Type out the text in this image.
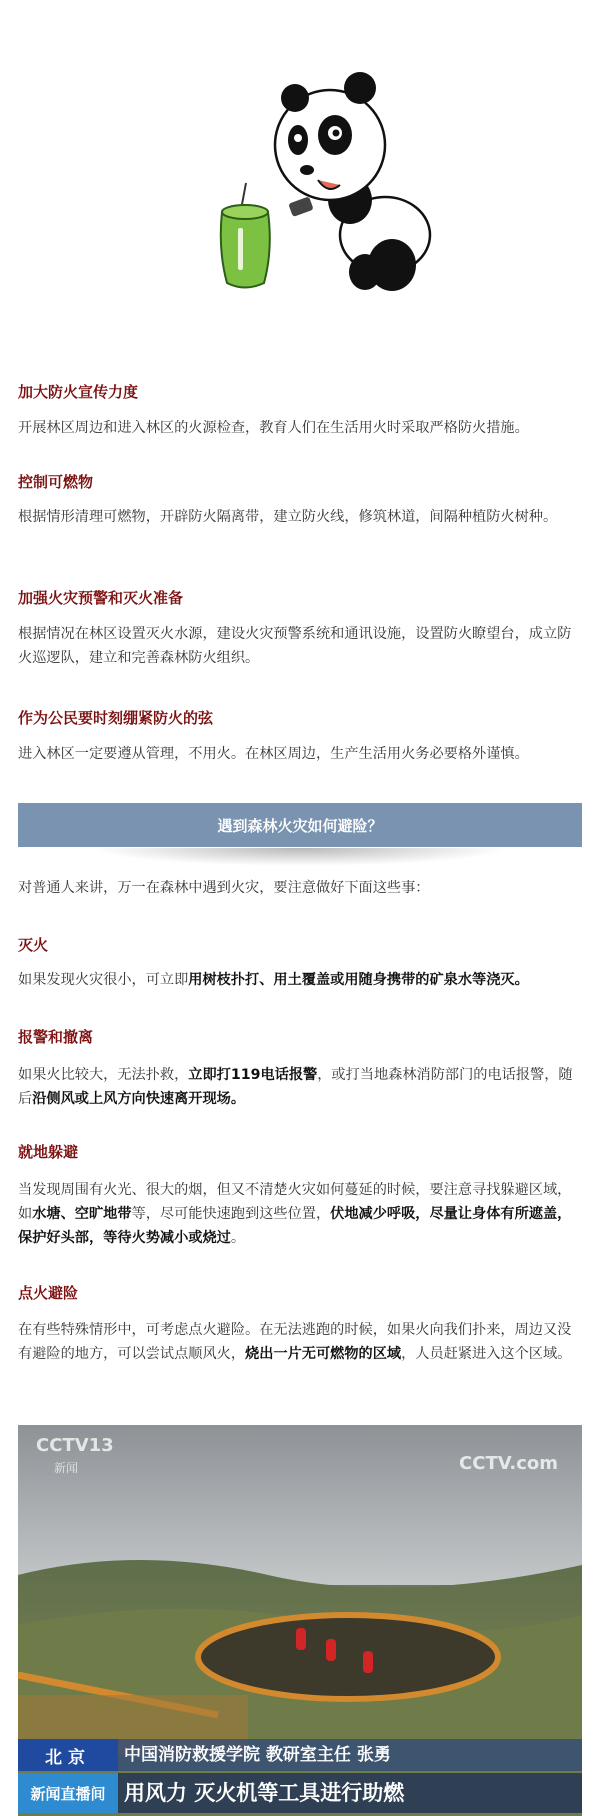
加大防火宣传力度
开展林区周边和进入林区的火源检查，教育人们在生活用火时采取严格防火措施。
控制可燃物
根据情形清理可燃物，开辟防火隔离带，建立防火线，修筑林道，间隔种植防火树种。
加强火灾预警和灭火准备
根据情况在林区设置灭火水源，建设火灾预警系统和通讯设施，设置防火瞭望台，成立防火巡逻队，建立和完善森林防火组织。
作为公民要时刻绷紧防火的弦
进入林区一定要遵从管理，不用火。在林区周边，生产生活用火务必要格外谨慎。
遇到森林火灾如何避险？
对普通人来讲，万一在森林中遇到火灾，要注意做好下面这些事：
灭火
如果发现火灾很小，可立即用树枝扑打、用土覆盖或用随身携带的矿泉水等浇灭。
报警和撤离
如果火比较大，无法扑救，立即打119电话报警，或打当地森林消防部门的电话报警，随后沿侧风或上风方向快速离开现场。
就地躲避
当发现周围有火光、很大的烟，但又不清楚火灾如何蔓延的时候，要注意寻找躲避区域，如水塘、空旷地带等，尽可能快速跑到这些位置，伏地减少呼吸，尽量让身体有所遮盖，保护好头部，等待火势减小或烧过。
点火避险
在有些特殊情形中，可考虑点火避险。在无法逃跑的时候，如果火向我们扑来，周边又没有避险的地方，可以尝试点顺风火，烧出一片无可燃物的区域，人员赶紧进入这个区域。
CCTV13
新闻	CCTV.com
北京	中国消防救援学院 教研室主任 张勇
新闻直播间 用风力 灭火机等工具进行助燃
